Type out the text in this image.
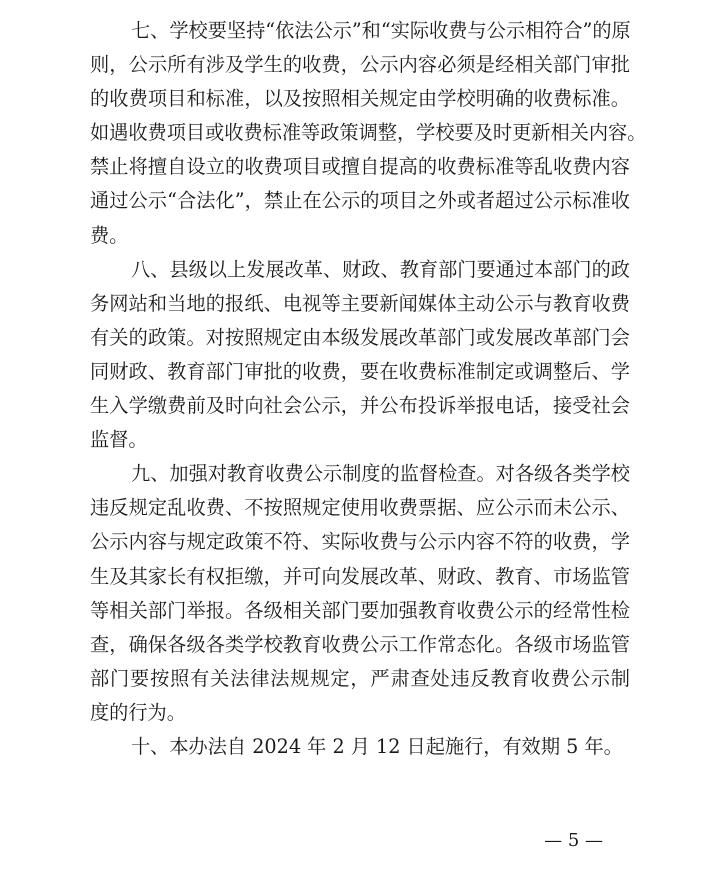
七、学校要坚持“依法公示”和“实际收费与公示相符合”的原
则，公示所有涉及学生的收费，公示内容必须是经相关部门审批
的收费项目和标准，以及按照相关规定由学校明确的收费标准。
如遇收费项目或收费标准等政策调整，学校要及时更新相关内容。
禁止将擅自设立的收费项目或擅自提高的收费标准等乱收费内容
通过公示“合法化”，禁止在公示的项目之外或者超过公示标准收
费。
八、县级以上发展改革、财政、教育部门要通过本部门的政
务网站和当地的报纸、电视等主要新闻媒体主动公示与教育收费
有关的政策。对按照规定由本级发展改革部门或发展改革部门会
同财政、教育部门审批的收费，要在收费标准制定或调整后、学
生入学缴费前及时向社会公示，并公布投诉举报电话，接受社会
监督。
九、加强对教育收费公示制度的监督检查。对各级各类学校
违反规定乱收费、不按照规定使用收费票据、应公示而未公示、
公示内容与规定政策不符、实际收费与公示内容不符的收费，学
生及其家长有权拒缴，并可向发展改革、财政、教育、市场监管
等相关部门举报。各级相关部门要加强教育收费公示的经常性检
查，确保各级各类学校教育收费公示工作常态化。各级市场监管
部门要按照有关法律法规规定，严肃查处违反教育收费公示制
度的行为。
十、本办法自 2024 年 2 月 12 日起施行，有效期 5 年。
— 5 —
